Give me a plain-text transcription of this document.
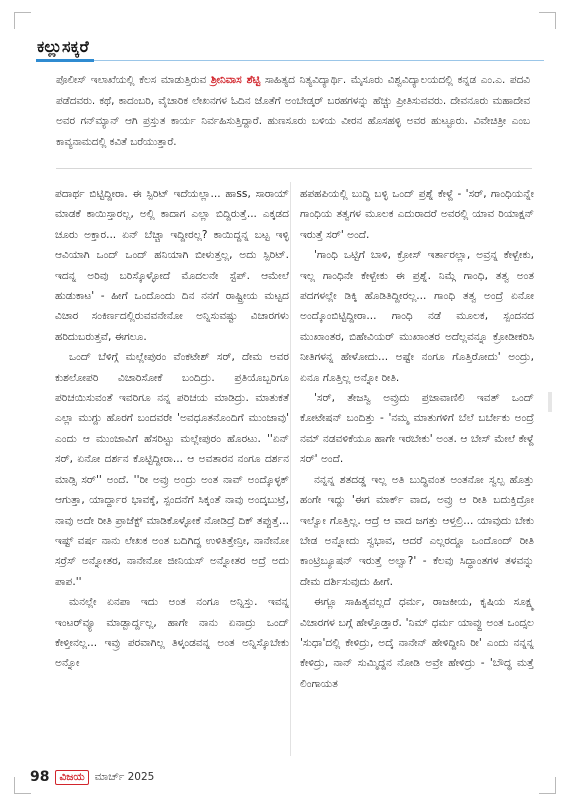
ಕಲ್ಲುಸಕ್ಕರೆ
ಪೊಲೀಸ್ ಇಲಾಖೆಯಲ್ಲಿ ಕೆಲಸ ಮಾಡುತ್ತಿರುವ ಶ್ರೀನಿವಾಸ ಶೆಟ್ಟಿ ಸಾಹಿತ್ಯದ ನಿತ್ಯವಿದ್ಯಾರ್ಥಿ. ಮೈಸೂರು ವಿಶ್ವವಿದ್ಯಾಲಯದಲ್ಲಿ ಕನ್ನಡ ಎಂ.ಎ. ಪದವಿ ಪಡೆದವರು. ಕಥೆ, ಕಾದಂಬರಿ, ವೈಚಾರಿಕ ಲೇಖನಗಳ ಓದಿನ ಜೊತೆಗೆ ಅಂಬೇಡ್ಕರ್ ಬರಹಗಳನ್ನು ಹೆಚ್ಚು ಪ್ರೀತಿಸುವವರು. ದೇವನೂರು ಮಹಾದೇವ ಅವರ ಗನ್‌ಮ್ಯಾನ್ ಆಗಿ ಪ್ರಸ್ತುತ ಕಾರ್ಯ ನಿರ್ವಹಿಸುತ್ತಿದ್ದಾರೆ. ಹುಣಸೂರು ಬಳಿಯ ವೀರನ ಹೊಸಹಳ್ಳಿ ಅವರ ಹುಟ್ಟೂರು. ವಿವೇಚಿತ್ರೀ ಎಂಬ ಕಾವ್ಯನಾಮದಲ್ಲಿ ಕವಿತೆ ಬರೆಯುತ್ತಾರೆ.

ಪದಾರ್ಥ ಬಿಟ್ಟಿದ್ದೀರಾ. ಈ ಸ್ಪಿರಿಟ್ ಇದೆಯಲ್ಲಾ... ಹಾss, ಸಾರಾಯ್ ಮಾಡಕೆ ಕಾಯಿಸ್ತಾರಲ್ಲ, ಅಲ್ಲಿ ಕಾದಾಗ ಎಲ್ಲಾ ಬಿದ್ದಿರುತ್ತೆ... ಎಕ್ಕಡದ ಚೂರು ಅಕ್ತಾರ... ಏನ್ ಬೆಚ್ಚಾ ಇದ್ದೀರಲ್ಲ? ಕಾಯಿದ್ದನ್ನ ಬಟ್ಟ ಇಳ್ಳಿ ಆವಿಯಾಗಿ ಒಂದ್ ಒಂದ್ ಹನಿಯಾಗಿ ಬೀಳುತ್ತಲ್ಲ, ಅದು ಸ್ಪಿರಿಟ್. ಇದನ್ನ ಅರಿವು ಬರಿಸ್ಕೊಳ್ಳೋದೆ ಮೊದಲನೇ ಸ್ಟೆಪ್. ಆಮೇಲೆ ಹುಡುಕಾಟ' - ಹೀಗೆ ಒಂದೊಂದು ದಿನ ನನಗೆ ರಾಷ್ಟ್ರೀಯ ಮಟ್ಟದ ವಿಚಾರ ಸಂಕಿರ್ಣದಲ್ಲಿರುವವನೇನೋ ಅನ್ನಿಸುವಷ್ಟು ವಿಚಾರಗಳು ಹರಿದುಬರುತ್ತವೆ, ಈಗಲೂ.

ಒಂದ್ ಬೆಳಿಗ್ಗೆ ಮಲ್ಲೇಪುರಂ ವೆಂಕಟೇಶ್ ಸರ್, ದೇಮ ಅವರ ಕುಶಲೋಪರಿ ವಿಚಾರಿಸೋಕೆ ಬಂದಿದ್ರು. ಪ್ರತಿಯೊಬ್ಬರಿಗೂ ಪರಿಚಯಿಸುವಂತೆ ಇವರಿಗೂ ನನ್ನ ಪರಿಚಯ ಮಾಡಿದ್ರು. ಮಾತುಕತೆ ಎಲ್ಲಾ ಮುಗ್ದು ಹೊರಗೆ ಬಂದವರೇ 'ಅವಧೂತನೊಂದಿಗೆ ಮುಂಜಾವು' ಎಂದು ಆ ಮುಂಜಾವಿಗೆ ಹೆಸರಿಟ್ಟು ಮಲ್ಲೇಪುರಂ ಹೊರಟು. ''ಏನ್ ಸರ್, ಏನೋ ದರ್ಶನ ಕೊಟ್ಟಿದ್ದೀರಾ... ಆ ಅವತಾರನ ನಂಗೂ ದರ್ಶನ ಮಾಡ್ಸಿ ಸರ್'' ಅಂದೆ. ''ರೀ ಅವ್ರು ಅಂದ್ರು ಅಂತ ನಾವ್ ಅಂದ್ಕೊಳ್ಳಕ್ ಆಗುತ್ತಾ, ಯಾರ್ದ್ದಾರ ಭಾವಕ್ಕೆ, ಸ್ಪಂದನೆಗೆ ಸಿಕ್ಕಂತೆ ನಾವು ಅಂದ್ಕಬುಟ್ರೆ, ನಾವು ಅದೇ ರೀತಿ ಪ್ರಾಜೆಕ್ಟ್ ಮಾಡಿಕೊಳ್ಳೋಕೆ ನೋಡಿದ್ರೆ ದಿಕ್ ತಪ್ಪುತ್ತೆ... ಇಷ್ಟ್ ವರ್ಷ ನಾನು ಲೇಖಕ ಅಂತ ಬದಿಗಿದ್ದ ಉಳಿತಿತ್ತೇನ್ರೀ, ನಾನೇನೋ ಸರ್ರೆಸ್ ಅನ್ನೋತರ, ನಾನೇನೋ ಜೀನಿಯಸ್ ಅನ್ನೋತರ ಅದ್ರೆ ಅದು ಪಾಪ.''

ಮನಲ್ಲೇ ಏನಪಾ ಇದು ಅಂತ ನಂಗೂ ಅನ್ನಿಸ್ತು. ಇವನ್ನ ಇಂಟರ್‌ವ್ಯೂ ಮಾಡ್ಬಾರ್ದ್ದಲ್ಲ, ಹಾಗೇ ನಾನು ಏನಾದ್ರು ಒಂದ್ ಕೇಳ್ತೀನಲ್ಲ... ಇವ್ರು ಪರವಾಗಿಲ್ಲ ತಿಳ್ಕಂಡವನ್ನ ಅಂತ ಅನ್ನಿಸ್ಕೊಬೇಕು ಅನ್ನೋ

ಹಪಹಪಿಯಲ್ಲಿ ಬುದ್ಧಿ ಬಳ್ಳಿ ಒಂದ್ ಪ್ರಶ್ನೆ ಕೇಳ್ದೆ - 'ಸರ್, ಗಾಂಧಿಯನ್ನೇ ಗಾಂಧಿಯ ತತ್ವಗಳ ಮೂಲಕ ಎದುರಾದರೆ ಅವರಲ್ಲಿ ಯಾವ ರಿಯಾಕ್ಷನ್ ಇರುತ್ತೆ ಸರ್' ಅಂದೆ.

'ಗಾಂಧಿ ಒಟ್ಟಿಗೆ ಬಾಳಿ, ಕ್ರೋಸ್ ಇರ್ತಾರಲ್ಲಾ, ಅವ್ರನ್ನ ಕೇಳ್ಬೇಕು, ಇಲ್ಲ ಗಾಂಧಿನೇ ಕೇಳ್ಬೇಕು ಈ ಪ್ರಶ್ನೆ. ನಿಮ್ಗೆ ಗಾಂಧಿ, ತತ್ವ ಅಂತ ಪದಗಳಲ್ಲೇ ಡಿಕ್ಕಿ ಹೊಡಿತಿದ್ದೀರಲ್ಲ... ಗಾಂಧಿ ತತ್ವ ಅಂದ್ರೆ ಏನೋ ಅಂದ್ಕೊಂಬಿಟ್ಟಿದ್ದೀರಾ... ಗಾಂಧಿ ನಡೆ ಮೂಲಕ, ಸ್ಪಂದನದ ಮುಖಾಂತರ, ಬಿಹೇವಿಯರ್ ಮುಖಾಂತರ ಅದೆಲ್ಲವನ್ನೂ ಕ್ರೋಡೀಕರಿಸಿ ನೀತಿಗಳನ್ನ ಹೇಳೋದು... ಅಷ್ಟೇ ನಂಗೂ ಗೊತ್ತಿರೋದು' ಅಂದ್ರು, ಏನೂ ಗೊತ್ತಿಲ್ಲ ಅನ್ನೋ ರೀತಿ.

'ಸರ್, ತೇಜಸ್ವಿ ಅವ್ರುದು ಪ್ರಜಾವಾಣಿಲಿ ಇವತ್ ಒಂದ್ ಕೋಟೇಷನ್ ಬಂದಿತ್ತು - 'ನಮ್ಮ ಮಾತುಗಳಿಗೆ ಬೆಲೆ ಬರ್ಬೇಕು ಅಂದ್ರೆ ನಮ್ ನಡವಳಿಕೆಯೂ ಹಾಗೇ ಇರಬೇಕು' ಅಂತ. ಆ ಬೇಸ್ ಮೇಲೆ ಕೇಳ್ದೆ ಸರ್' ಅಂದೆ.

ನನ್ನನ್ನ ಶತದಡ್ಡ ಇಲ್ಲ ಅತಿ ಬುದ್ಧಿವಂತ ಅಂತನೋ ಸ್ವಲ್ಪ ಹೊತ್ತು ಹಂಗೇ ಇದ್ದು 'ಈಗ ಮಾರ್ಕ್ ವಾದ, ಅವ್ರು ಆ ರೀತಿ ಬದುಕ್ತಿದ್ರೋ ಇಲ್ವೋ ಗೊತ್ತಿಲ್ಲ. ಆದ್ರೆ ಆ ವಾದ ಜಗತ್ತು ಆಳ್ತಲ್ರಿ... ಯಾವುದು ಬೇಕು ಬೇಡ ಅನ್ನೋದು ಸ್ವಭಾವ, ಆದರೆ ಎಲ್ಲರದ್ದೂ ಒಂದೊಂದ್ ರೀತಿ ಕಾಂಟ್ರಿಬ್ಯೂಷನ್ ಇರುತ್ತೆ ಅಲ್ವಾ?' - ಕೆಲವು ಸಿದ್ಧಾಂತಗಳ ತಳವನ್ನು ದೇಮ ದರ್ಶಿಸುವುದು ಹೀಗೆ.

ಈಗ್ಲೂ ಸಾಹಿತ್ಯವಲ್ಲದೆ ಧರ್ಮ, ರಾಜಕೀಯ, ಕೃಷಿಯ ಸೂಕ್ಷ್ಮ ವಿಚಾರಗಳ ಬಗ್ಗೆ ಹೇಳ್ತೊಡ್ತಾರೆ. 'ನಿಮ್ ಧರ್ಮ ಯಾವ್ದು ಅಂತ ಒಂದ್ಸಲ 'ಸುಧಾ'ದಲ್ಲಿ ಕೇಳಿದ್ರು, ಅದ್ಕೆ ನಾನೇನ್ ಹೇಳಿದ್ದೀನಿ ರೀ' ಎಂದು ನನ್ನನ್ನ ಕೇಳಿದ್ರು, ನಾನ್ ಸುಮ್ಮಿದ್ದನ ನೋಡಿ ಅವ್ರೇ ಹೇಳಿದ್ರು - 'ಬೌದ್ಧ ಮತ್ತೆ ಲಿಂಗಾಯತ

98 ವಿಜಯ ಮಾರ್ಚ್ 2025
